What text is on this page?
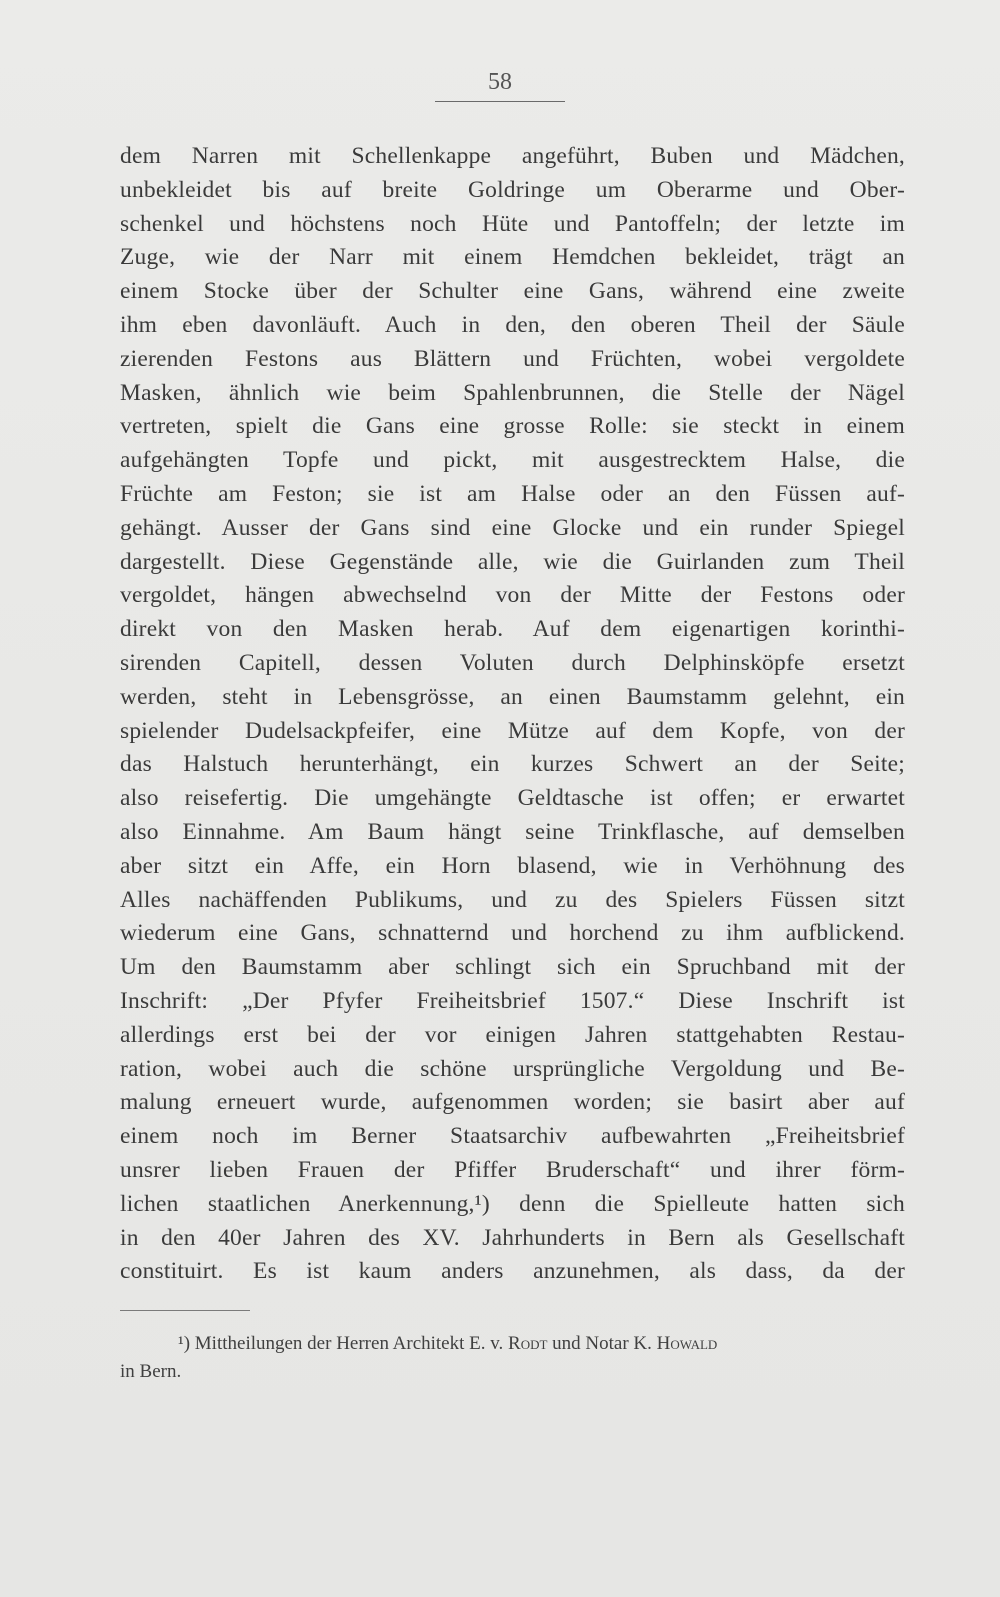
58
dem Narren mit Schellenkappe angeführt, Buben und Mädchen,
unbekleidet bis auf breite Goldringe um Oberarme und Ober-
schenkel und höchstens noch Hüte und Pantoffeln; der letzte im
Zuge, wie der Narr mit einem Hemdchen bekleidet, trägt an
einem Stocke über der Schulter eine Gans, während eine zweite
ihm eben davonläuft. Auch in den, den oberen Theil der Säule
zierenden Festons aus Blättern und Früchten, wobei vergoldete
Masken, ähnlich wie beim Spahlenbrunnen, die Stelle der Nägel
vertreten, spielt die Gans eine grosse Rolle: sie steckt in einem
aufgehängten Topfe und pickt, mit ausgestrecktem Halse, die
Früchte am Feston; sie ist am Halse oder an den Füssen auf-
gehängt. Ausser der Gans sind eine Glocke und ein runder Spiegel
dargestellt. Diese Gegenstände alle, wie die Guirlanden zum Theil
vergoldet, hängen abwechselnd von der Mitte der Festons oder
direkt von den Masken herab. Auf dem eigenartigen korinthi-
sirenden Capitell, dessen Voluten durch Delphinsköpfe ersetzt
werden, steht in Lebensgrösse, an einen Baumstamm gelehnt, ein
spielender Dudelsackpfeifer, eine Mütze auf dem Kopfe, von der
das Halstuch herunterhängt, ein kurzes Schwert an der Seite;
also reisefertig. Die umgehängte Geldtasche ist offen; er erwartet
also Einnahme. Am Baum hängt seine Trinkflasche, auf demselben
aber sitzt ein Affe, ein Horn blasend, wie in Verhöhnung des
Alles nachäffenden Publikums, und zu des Spielers Füssen sitzt
wiederum eine Gans, schnatternd und horchend zu ihm aufblickend.
Um den Baumstamm aber schlingt sich ein Spruchband mit der
Inschrift: „Der Pfyfer Freiheitsbrief 1507.“ Diese Inschrift ist
allerdings erst bei der vor einigen Jahren stattgehabten Restau-
ration, wobei auch die schöne ursprüngliche Vergoldung und Be-
malung erneuert wurde, aufgenommen worden; sie basirt aber auf
einem noch im Berner Staatsarchiv aufbewahrten „Freiheitsbrief
unsrer lieben Frauen der Pfiffer Bruderschaft“ und ihrer förm-
lichen staatlichen Anerkennung,¹) denn die Spielleute hatten sich
in den 40er Jahren des XV. Jahrhunderts in Bern als Gesellschaft
constituirt. Es ist kaum anders anzunehmen, als dass, da der
¹) Mittheilungen der Herren Architekt E. v. Rodt und Notar K. Howald
in Bern.
